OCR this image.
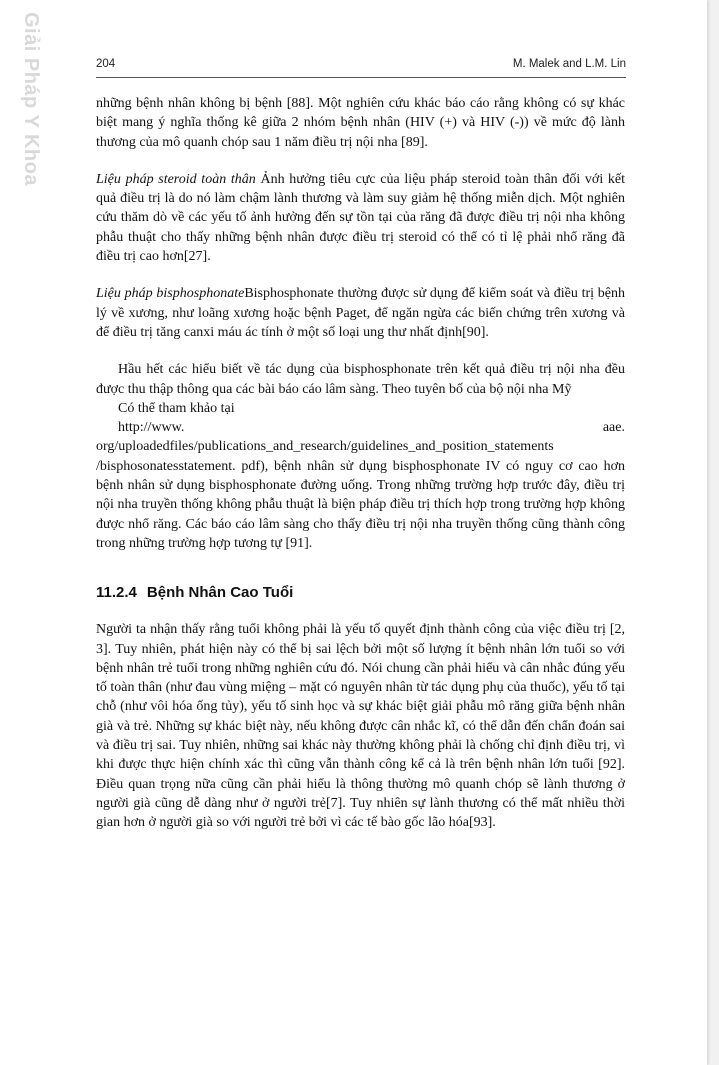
Giải Pháp Y Khoa	204	M. Malek and L.M. Lin

những bệnh nhân không bị bệnh [88]. Một nghiên cứu khác báo cáo rằng không có sự khác biệt mang ý nghĩa thống kê giữa 2 nhóm bệnh nhân (HIV (+) và HIV (-)) về mức độ lành thương của mô quanh chóp sau 1 năm điều trị nội nha [89].

Liệu pháp steroid toàn thân Ảnh hưởng tiêu cực của liệu pháp steroid toàn thân đối với kết quả điều trị là do nó làm chậm lành thương và làm suy giảm hệ thống miễn dịch. Một nghiên cứu thăm dò về các yếu tố ảnh hưởng đến sự tồn tại của răng đã được điều trị nội nha không phẫu thuật cho thấy những bệnh nhân được điều trị steroid có thể có tỉ lệ phải nhổ răng đã điều trị cao hơn[27].

Liệu pháp bisphosphonateBisphosphonate thường được sử dụng để kiểm soát và điều trị bệnh lý về xương, như loãng xương hoặc bệnh Paget, để ngăn ngừa các biến chứng trên xương và để điều trị tăng canxi máu ác tính ở một số loại ung thư nhất định[90].

Hầu hết các hiểu biết về tác dụng của bisphosphonate trên kết quả điều trị nội nha đều được thu thập thông qua các bài báo cáo lâm sàng. Theo tuyên bố của bộ nội nha Mỹ

Có thể tham khảo tại

http://www.	aae.

org/uploadedfiles/publications_and_research/guidelines_and_position_statements /bisphosonatesstatement. pdf), bệnh nhân sử dụng bisphosphonate IV có nguy cơ cao hơn bệnh nhân sử dụng bisphosphonate đường uống. Trong những trường hợp trước đây, điều trị nội nha truyền thống không phẫu thuật là biện pháp điều trị thích hợp trong trường hợp không được nhổ răng. Các báo cáo lâm sàng cho thấy điều trị nội nha truyền thống cũng thành công trong những trường hợp tương tự [91].

11.2.4 Bệnh Nhân Cao Tuổi

Người ta nhận thấy rằng tuổi không phải là yếu tố quyết định thành công của việc điều trị [2, 3]. Tuy nhiên, phát hiện này có thể bị sai lệch bởi một số lượng ít bệnh nhân lớn tuổi so với bệnh nhân trẻ tuổi trong những nghiên cứu đó. Nói chung cần phải hiểu và cân nhắc đúng yếu tố toàn thân (như đau vùng miệng – mặt có nguyên nhân từ tác dụng phụ của thuốc), yếu tố tại chỗ (như vôi hóa ống tủy), yếu tố sinh học và sự khác biệt giải phẫu mô răng giữa bệnh nhân già và trẻ. Những sự khác biệt này, nếu không được cân nhắc kĩ, có thể dẫn đến chẩn đoán sai và điều trị sai. Tuy nhiên, những sai khác này thường không phải là chống chỉ định điều trị, vì khi được thực hiện chính xác thì cũng vẫn thành công kể cả là trên bệnh nhân lớn tuổi [92]. Điều quan trọng nữa cũng cần phải hiểu là thông thường mô quanh chóp sẽ lành thương ở người già cũng dễ dàng như ở người trẻ[7]. Tuy nhiên sự lành thương có thể mất nhiều thời gian hơn ở người già so với người trẻ bởi vì các tế bào gốc lão hóa[93].
